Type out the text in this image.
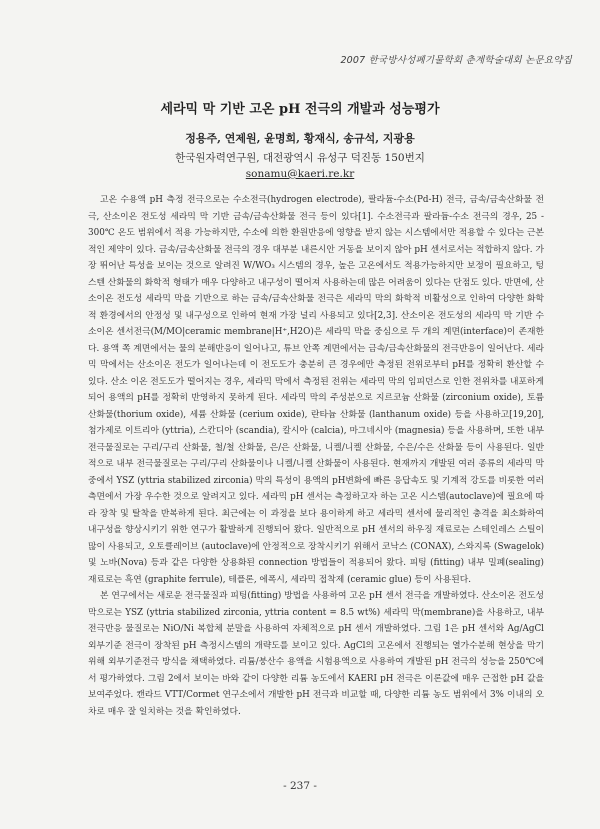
2007 한국방사성폐기물학회 춘계학술대회 논문요약집
세라믹 막 기반 고온 pH 전극의 개발과 성능평가
정용주, 연제원, 윤명희, 황재식, 송규석, 지광용
한국원자력연구원, 대전광역시 유성구 덕진동 150번지
sonamu@kaeri.re.kr

고온 수용액 pH 측정 전극으로는 수소전극(hydrogen electrode), 팔라듐-수소(Pd-H) 전극, 금속/금속산화물 전극, 산소이온 전도성 세라믹 막 기반 금속/금속산화물 전극 등이 있다[1]. 수소전극과 팔라듐-수소 전극의 경우, 25 - 300℃ 온도 범위에서 적용 가능하지만, 수소에 의한 환원반응에 영향을 받지 않는 시스템에서만 적용할 수 있다는 근본적인 제약이 있다. 금속/금속산화물 전극의 경우 대부분 내른시안 거동을 보이지 않아 pH 센서로서는 적합하지 않다. 가장 뛰어난 특성을 보이는 것으로 알려진 W/WO₃ 시스템의 경우, 높은 고온에서도 적용가능하지만 보정이 필요하고, 텅스텐 산화물의 화학적 형태가 매우 다양하고 내구성이 떨어져 사용하는데 많은 어려움이 있다는 단점도 있다. 반면에, 산소이온 전도성 세라믹 막을 기반으로 하는 금속/금속산화물 전극은 세라믹 막의 화학적 비활성으로 인하여 다양한 화학적 환경에서의 안정성 및 내구성으로 인하여 현재 가장 널리 사용되고 있다[2,3]. 산소이온 전도성의 세라믹 막 기반 수소이온 센서전극(M/MO|ceramic membrane|H⁺,H2O)은 세라믹 막을 중심으로 두 개의 계면(interface)이 존재한다. 용액 쪽 계면에서는 물의 분해반응이 일어나고, 튜브 안쪽 계면에서는 금속/금속산화물의 전극반응이 일어난다. 세라믹 막에서는 산소이온 전도가 일어나는데 이 전도도가 충분히 큰 경우에만 측정된 전위로부터 pH를 정확히 환산할 수 있다. 산소 이온 전도도가 떨어지는 경우, 세라믹 막에서 측정된 전위는 세라믹 막의 임피던스로 인한 전위차를 내포하게 되어 용액의 pH를 정확히 반영하지 못하게 된다. 세라믹 막의 주성분으로 지르코늄 산화물 (zirconium oxide), 토륨 산화물(thorium oxide), 세륨 산화물 (cerium oxide), 란타늄 산화물 (lanthanum oxide) 등을 사용하고[19,20], 첨가제로 이트리아 (yttria), 스칸디아 (scandia), 칼시아 (calcia), 마그네시아 (magnesia) 등을 사용하며, 또한 내부 전극물질로는 구리/구리 산화물, 철/철 산화물, 은/은 산화물, 니켈/니켈 산화물, 수은/수은 산화물 등이 사용된다. 일반적으로 내부 전극물질로는 구리/구리 산화물이나 니켈/니켈 산화물이 사용된다. 현재까지 개발된 여러 종류의 세라믹 막 중에서 YSZ (yttria stabilized zirconia) 막의 특성이 용액의 pH변화에 빠른 응답속도 및 기계적 강도를 비롯한 여러 측면에서 가장 우수한 것으로 알려지고 있다. 세라믹 pH 센서는 측정하고자 하는 고온 시스템(autoclave)에 필요에 따라 장착 및 탈착을 반복하게 된다. 최근에는 이 과정을 보다 용이하게 하고 세라믹 센서에 물리적인 충격을 최소화하여 내구성을 향상시키기 위한 연구가 활발하게 진행되어 왔다. 일반적으로 pH 센서의 하우징 재료로는 스테인레스 스틸이 많이 사용되고, 오토클레이브 (autoclave)에 안정적으로 장착시키기 위해서 코낙스 (CONAX), 스와지록 (Swagelok) 및 노바(Nova) 등과 같은 다양한 상용화된 connection 방법들이 적용되어 왔다. 피팅 (fitting) 내부 밀폐(sealing) 재료로는 흑연 (graphite ferrule), 테플론, 에폭시, 세라믹 접착제 (ceramic glue) 등이 사용된다.

본 연구에서는 새로운 전극물질과 피팅(fitting) 방법을 사용하여 고온 pH 센서 전극을 개발하였다. 산소이온 전도성 막으로는 YSZ (yttria stabilized zirconia, yttria content = 8.5 wt%) 세라믹 막(membrane)을 사용하고, 내부 전극반응 물질로는 NiO/Ni 복합체 분말을 사용하여 자체적으로 pH 센서 개발하였다. 그림 1은 pH 센서와 Ag/AgCl 외부기준 전극이 장착된 pH 측정시스템의 개략도를 보이고 있다. AgCl의 고온에서 진행되는 열가수분해 현상을 막기 위해 외부기준전극 방식을 채택하였다. 리튬/붕산수 용액을 시험용액으로 사용하여 개발된 pH 전극의 성능을 250℃에서 평가하였다. 그림 2에서 보이는 바와 같이 다양한 리튬 농도에서 KAERI pH 전극은 이론값에 매우 근접한 pH 값을 보여주었다. 캔라드 VTT/Cormet 연구소에서 개발한 pH 전극과 비교할 때, 다양한 리튬 농도 범위에서 3% 이내의 오차로 매우 잘 일치하는 것을 확인하였다.

- 237 -
